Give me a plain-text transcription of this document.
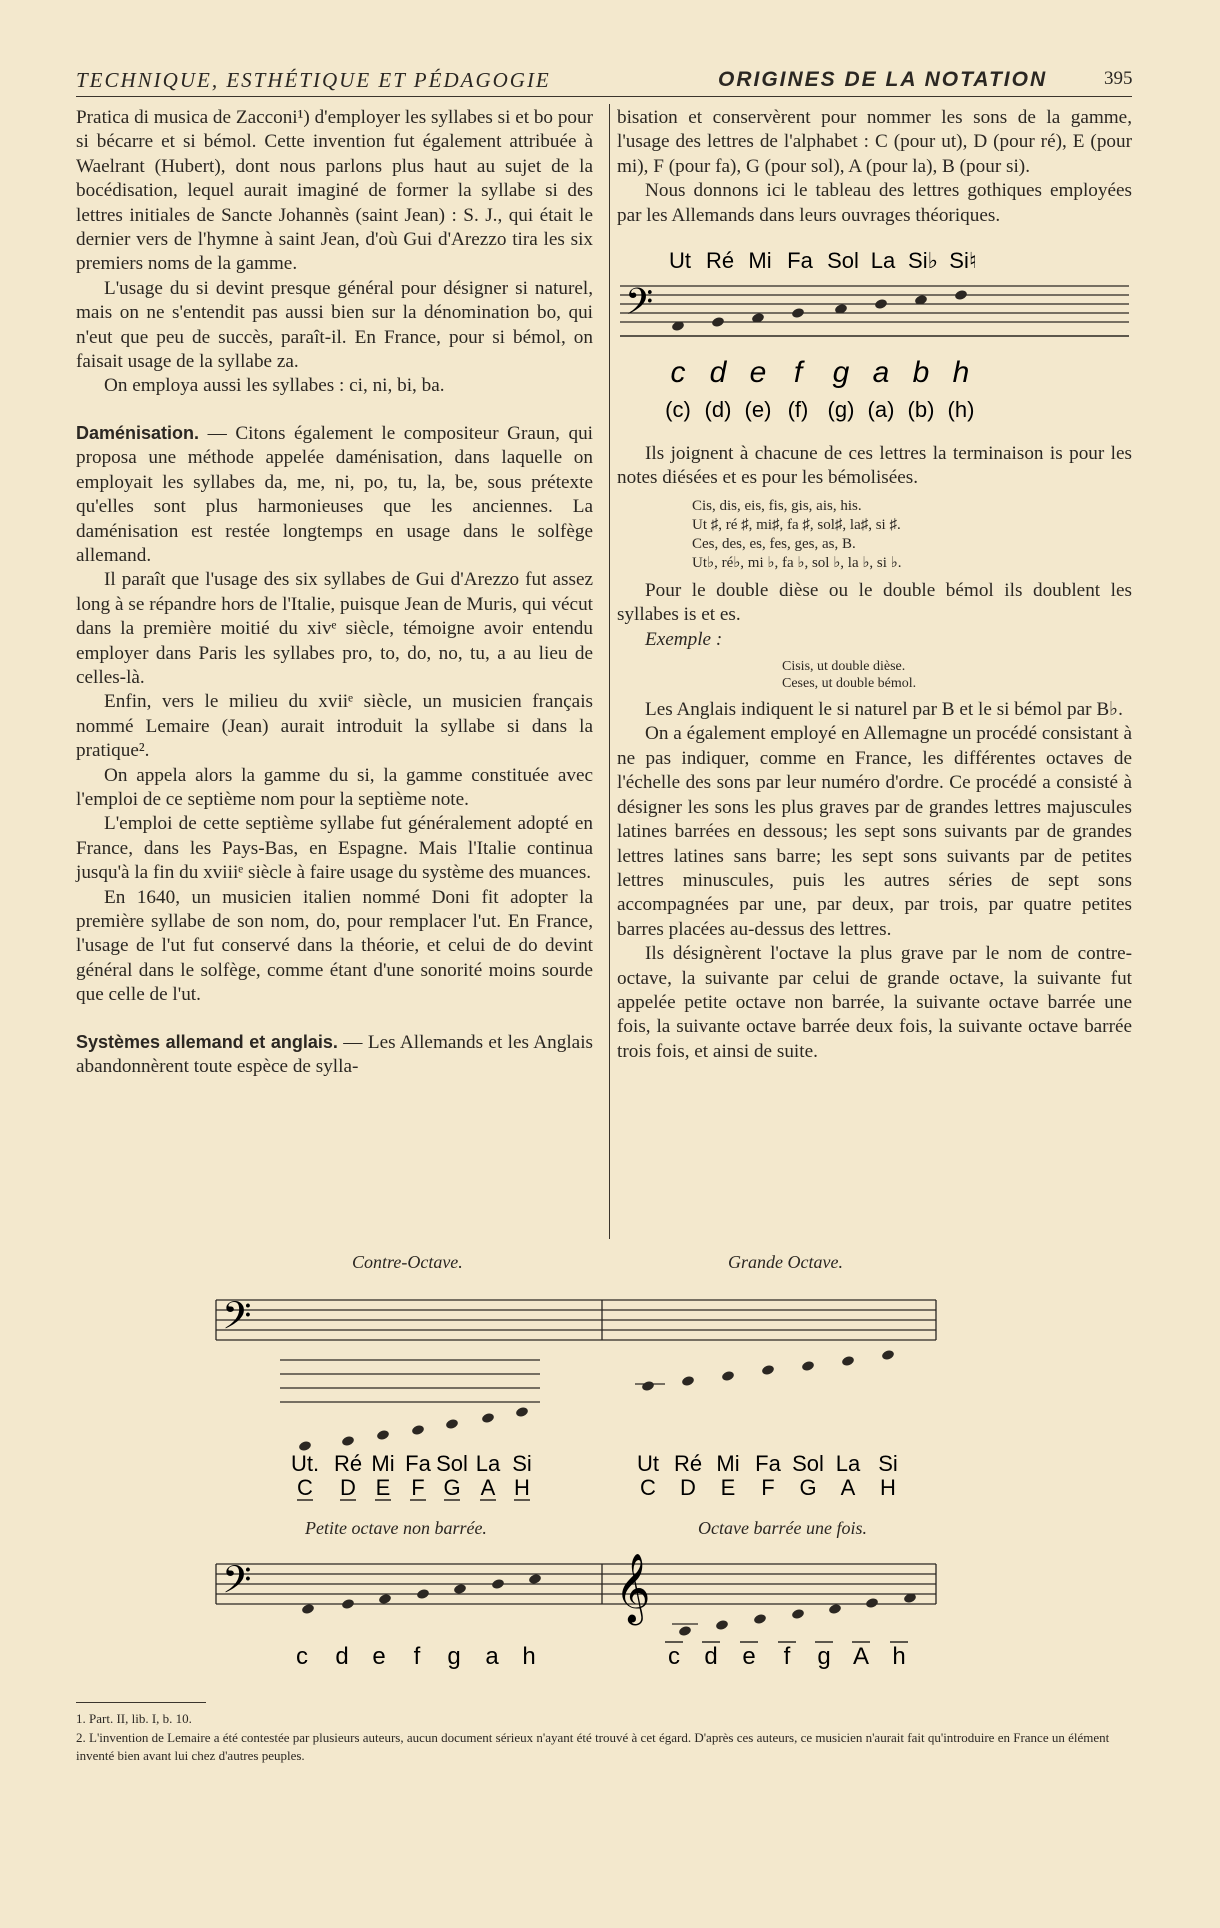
TECHNIQUE, ESTHÉTIQUE ET PÉDAGOGIE	ORIGINES DE LA NOTATION	395

Pratica di musica de Zacconi¹) d'employer les syllabes si et bo pour si bécarre et si bémol. Cette invention fut également attribuée à Waelrant (Hubert), dont nous parlons plus haut au sujet de la bocédisation, lequel aurait imaginé de former la syllabe si des lettres initiales de Sancte Johannès (saint Jean) : S. J., qui était le dernier vers de l'hymne à saint Jean, d'où Gui d'Arezzo tira les six premiers noms de la gamme.

L'usage du si devint presque général pour désigner si naturel, mais on ne s'entendit pas aussi bien sur la dénomination bo, qui n'eut que peu de succès, paraît-il. En France, pour si bémol, on faisait usage de la syllabe za.

On employa aussi les syllabes : ci, ni, bi, ba.

Daménisation. — Citons également le compositeur Graun, qui proposa une méthode appelée daménisation, dans laquelle on employait les syllabes da, me, ni, po, tu, la, be, sous prétexte qu'elles sont plus harmonieuses que les anciennes. La daménisation est restée longtemps en usage dans le solfège allemand.

Il paraît que l'usage des six syllabes de Gui d'Arezzo fut assez long à se répandre hors de l'Italie, puisque Jean de Muris, qui vécut dans la première moitié du xivᵉ siècle, témoigne avoir entendu employer dans Paris les syllabes pro, to, do, no, tu, a au lieu de celles-là.

Enfin, vers le milieu du xviiᵉ siècle, un musicien français nommé Lemaire (Jean) aurait introduit la syllabe si dans la pratique².

On appela alors la gamme du si, la gamme constituée avec l'emploi de ce septième nom pour la septième note.

L'emploi de cette septième syllabe fut généralement adopté en France, dans les Pays-Bas, en Espagne. Mais l'Italie continua jusqu'à la fin du xviiiᵉ siècle à faire usage du système des muances.

En 1640, un musicien italien nommé Doni fit adopter la première syllabe de son nom, do, pour remplacer l'ut. En France, l'usage de l'ut fut conservé dans la théorie, et celui de do devint général dans le solfège, comme étant d'une sonorité moins sourde que celle de l'ut.

Systèmes allemand et anglais. — Les Allemands et les Anglais abandonnèrent toute espèce de sylla-

bisation et conservèrent pour nommer les sons de la gamme, l'usage des lettres de l'alphabet : C (pour ut), D (pour ré), E (pour mi), F (pour fa), G (pour sol), A (pour la), B (pour si).

Nous donnons ici le tableau des lettres gothiques employées par les Allemands dans leurs ouvrages théoriques.

Ut Ré Mi Fa Sol La Si♭ Si♮
𝄢
c d e f g a b h
(c) (d) (e) (f) (g) (a) (b) (h)

Ils joignent à chacune de ces lettres la terminaison is pour les notes diésées et es pour les bémolisées.

Cis, dis, eis, fis, gis, ais, his.
Ut ♯, ré ♯, mi♯, fa ♯, sol♯, la♯, si ♯.
Ces, des, es, fes, ges, as, B.
Ut♭, ré♭, mi ♭, fa ♭, sol ♭, la ♭, si ♭.

Pour le double dièse ou le double bémol ils doublent les syllabes is et es.

Exemple :

Cisis, ut double dièse.
Ceses, ut double bémol.

Les Anglais indiquent le si naturel par B et le si bémol par B♭.

On a également employé en Allemagne un procédé consistant à ne pas indiquer, comme en France, les différentes octaves de l'échelle des sons par leur numéro d'ordre. Ce procédé a consisté à désigner les sons les plus graves par de grandes lettres majuscules latines barrées en dessous; les sept sons suivants par de grandes lettres latines sans barre; les sept sons suivants par de petites lettres minuscules, puis les autres séries de sept sons accompagnées par une, par deux, par trois, par quatre petites barres placées au-dessus des lettres.

Ils désignèrent l'octave la plus grave par le nom de contre-octave, la suivante par celui de grande octave, la suivante fut appelée petite octave non barrée, la suivante octave barrée une fois, la suivante octave barrée deux fois, la suivante octave barrée trois fois, et ainsi de suite.

Contre-Octave.	Grande Octave.
𝄢
Ut. Ré Mi Fa Sol La Si	Ut Ré Mi Fa Sol La Si
C D E F G A H	C D E F G A H
Petite octave non barrée.	Octave barrée une fois.
𝄢	𝄞
c d e f g a h	c d e f g A h
1. Part. II, lib. I, b. 10.
2. L'invention de Lemaire a été contestée par plusieurs auteurs, aucun document sérieux n'ayant été trouvé à cet égard. D'après ces auteurs, ce musicien n'aurait fait qu'introduire en France un élément inventé bien avant lui chez d'autres peuples.
